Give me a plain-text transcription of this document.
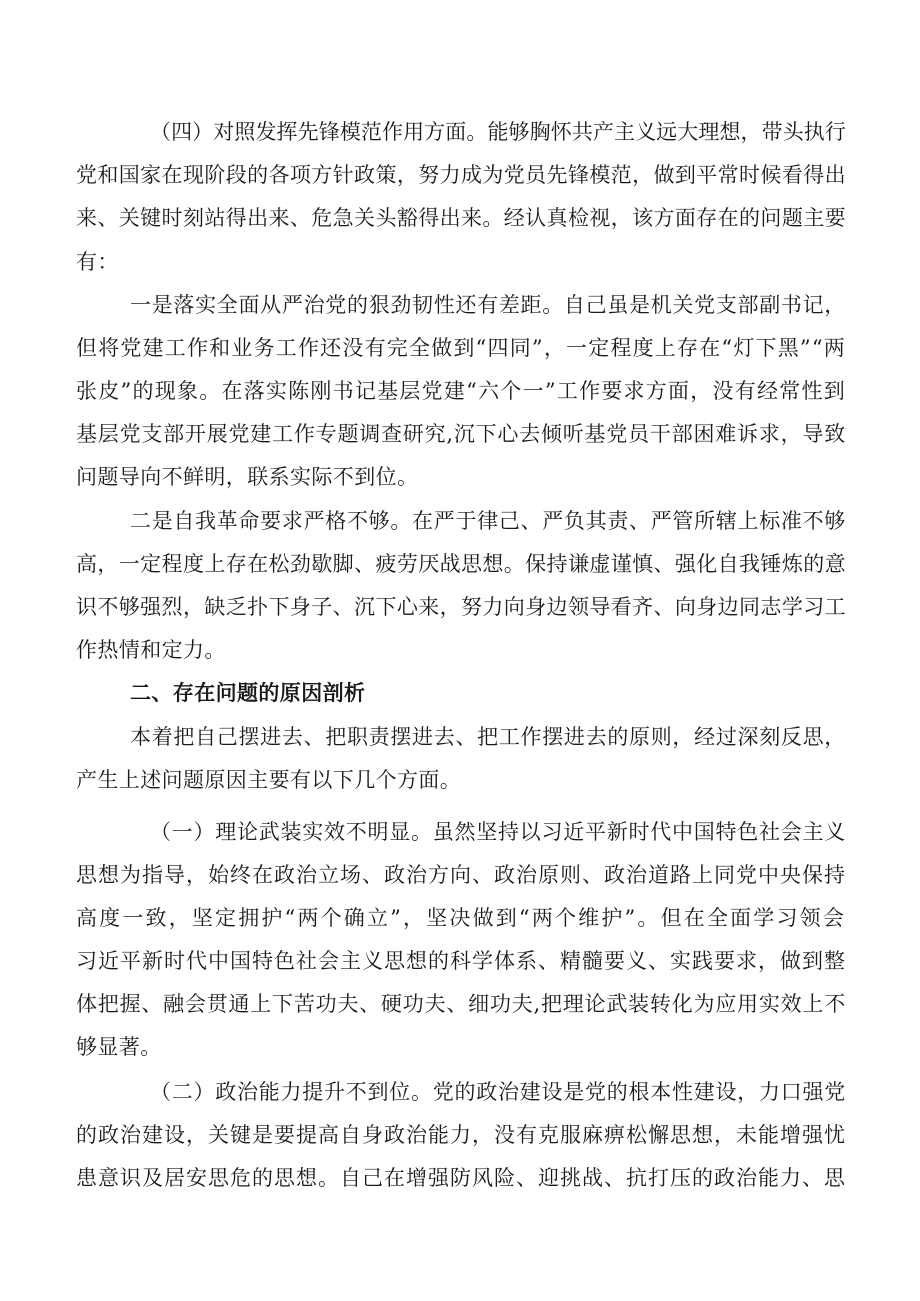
（四）对照发挥先锋模范作用方面。能够胸怀共产主义远大理想，带头执行
党和国家在现阶段的各项方针政策，努力成为党员先锋模范，做到平常时候看得出
来、关键时刻站得出来、危急关头豁得出来。经认真检视，该方面存在的问题主要
有：
一是落实全面从严治党的狠劲韧性还有差距。自己虽是机关党支部副书记，
但将党建工作和业务工作还没有完全做到“四同”，一定程度上存在“灯下黑”“两
张皮”的现象。在落实陈刚书记基层党建“六个一”工作要求方面，没有经常性到
基层党支部开展党建工作专题调查研究,沉下心去倾听基党员干部困难诉求，导致
问题导向不鲜明，联系实际不到位。
二是自我革命要求严格不够。在严于律己、严负其责、严管所辖上标准不够
高，一定程度上存在松劲歇脚、疲劳厌战思想。保持谦虚谨慎、强化自我锤炼的意
识不够强烈，缺乏扑下身子、沉下心来，努力向身边领导看齐、向身边同志学习工
作热情和定力。
二、存在问题的原因剖析
本着把自己摆进去、把职责摆进去、把工作摆进去的原则，经过深刻反思，
产生上述问题原因主要有以下几个方面。
（一）理论武装实效不明显。虽然坚持以习近平新时代中国特色社会主义
思想为指导，始终在政治立场、政治方向、政治原则、政治道路上同党中央保持
高度一致，坚定拥护“两个确立”，坚决做到“两个维护”。但在全面学习领会
习近平新时代中国特色社会主义思想的科学体系、精髓要义、实践要求，做到整
体把握、融会贯通上下苦功夫、硬功夫、细功夫,把理论武装转化为应用实效上不
够显著。
（二）政治能力提升不到位。党的政治建设是党的根本性建设，力口强党
的政治建设，关键是要提高自身政治能力，没有克服麻痹松懈思想，未能增强忧
患意识及居安思危的思想。自己在增强防风险、迎挑战、抗打压的政治能力、思
